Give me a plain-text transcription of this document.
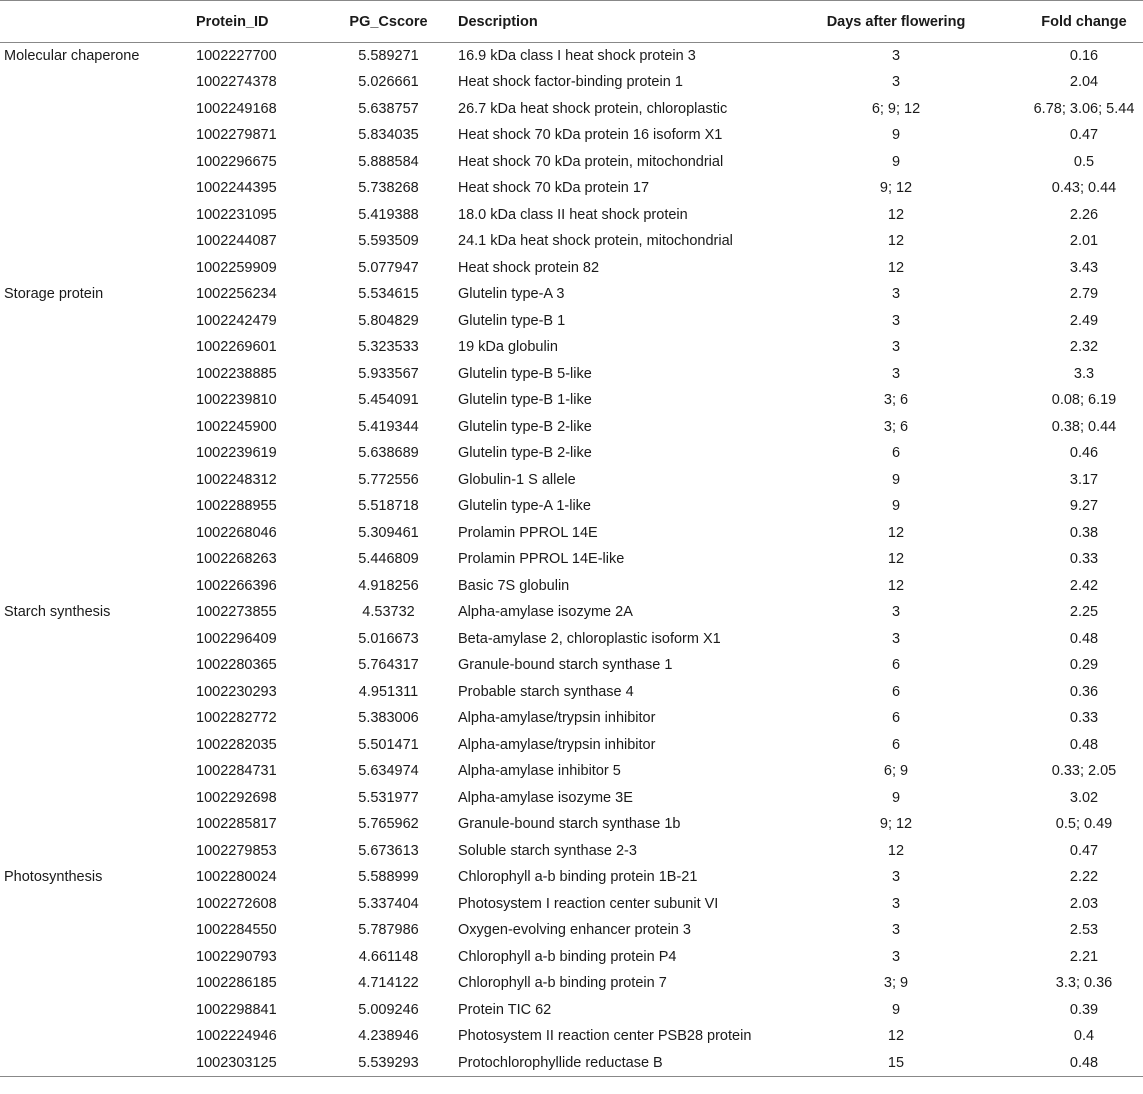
	Protein_ID	PG_Cscore	Description	Days after flowering	Fold change
Molecular chaperone	1002227700	5.589271	16.9 kDa class I heat shock protein 3	3	0.16
	1002274378	5.026661	Heat shock factor-binding protein 1	3	2.04
	1002249168	5.638757	26.7 kDa heat shock protein, chloroplastic	6; 9; 12	6.78; 3.06; 5.44
	1002279871	5.834035	Heat shock 70 kDa protein 16 isoform X1	9	0.47
	1002296675	5.888584	Heat shock 70 kDa protein, mitochondrial	9	0.5
	1002244395	5.738268	Heat shock 70 kDa protein 17	9; 12	0.43; 0.44
	1002231095	5.419388	18.0 kDa class II heat shock protein	12	2.26
	1002244087	5.593509	24.1 kDa heat shock protein, mitochondrial	12	2.01
	1002259909	5.077947	Heat shock protein 82	12	3.43
Storage protein	1002256234	5.534615	Glutelin type-A 3	3	2.79
	1002242479	5.804829	Glutelin type-B 1	3	2.49
	1002269601	5.323533	19 kDa globulin	3	2.32
	1002238885	5.933567	Glutelin type-B 5-like	3	3.3
	1002239810	5.454091	Glutelin type-B 1-like	3; 6	0.08; 6.19
	1002245900	5.419344	Glutelin type-B 2-like	3; 6	0.38; 0.44
	1002239619	5.638689	Glutelin type-B 2-like	6	0.46
	1002248312	5.772556	Globulin-1 S allele	9	3.17
	1002288955	5.518718	Glutelin type-A 1-like	9	9.27
	1002268046	5.309461	Prolamin PPROL 14E	12	0.38
	1002268263	5.446809	Prolamin PPROL 14E-like	12	0.33
	1002266396	4.918256	Basic 7S globulin	12	2.42
Starch synthesis	1002273855	4.53732	Alpha-amylase isozyme 2A	3	2.25
	1002296409	5.016673	Beta-amylase 2, chloroplastic isoform X1	3	0.48
	1002280365	5.764317	Granule-bound starch synthase 1	6	0.29
	1002230293	4.951311	Probable starch synthase 4	6	0.36
	1002282772	5.383006	Alpha-amylase/trypsin inhibitor	6	0.33
	1002282035	5.501471	Alpha-amylase/trypsin inhibitor	6	0.48
	1002284731	5.634974	Alpha-amylase inhibitor 5	6; 9	0.33; 2.05
	1002292698	5.531977	Alpha-amylase isozyme 3E	9	3.02
	1002285817	5.765962	Granule-bound starch synthase 1b	9; 12	0.5; 0.49
	1002279853	5.673613	Soluble starch synthase 2-3	12	0.47
Photosynthesis	1002280024	5.588999	Chlorophyll a-b binding protein 1B-21	3	2.22
	1002272608	5.337404	Photosystem I reaction center subunit VI	3	2.03
	1002284550	5.787986	Oxygen-evolving enhancer protein 3	3	2.53
	1002290793	4.661148	Chlorophyll a-b binding protein P4	3	2.21
	1002286185	4.714122	Chlorophyll a-b binding protein 7	3; 9	3.3; 0.36
	1002298841	5.009246	Protein TIC 62	9	0.39
	1002224946	4.238946	Photosystem II reaction center PSB28 protein	12	0.4
	1002303125	5.539293	Protochlorophyllide reductase B	15	0.48
